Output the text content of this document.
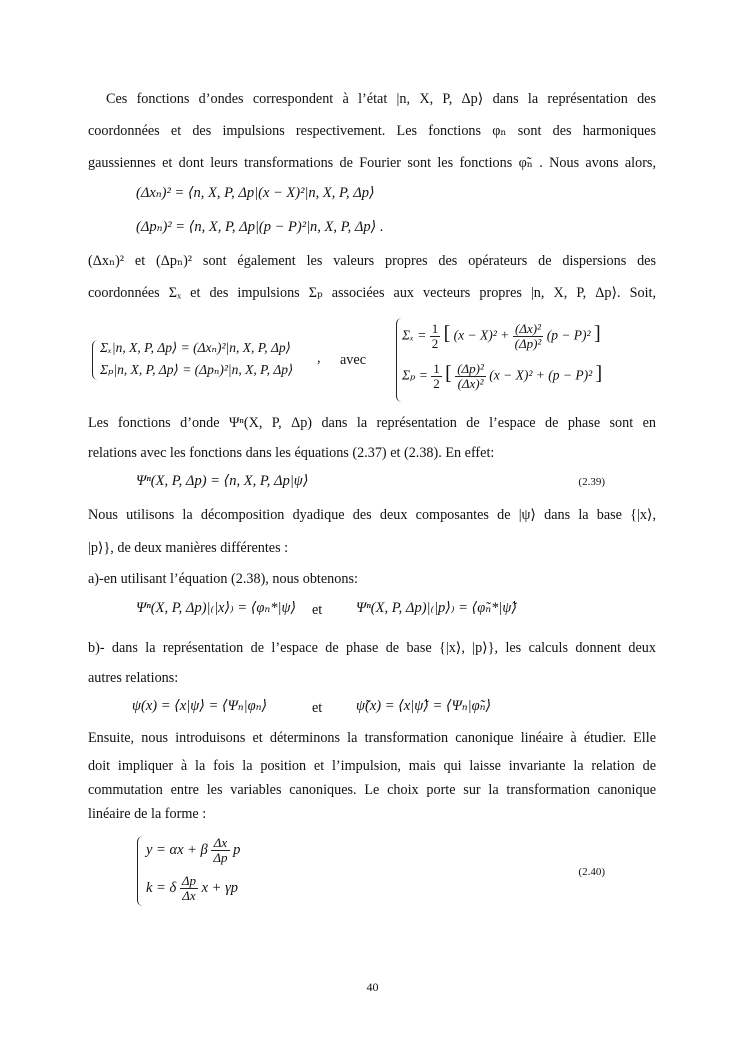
Ces fonctions d’ondes correspondent à l’état |n, X, P, Δp⟩ dans la représentation des
coordonnées et des impulsions respectivement. Les fonctions φₙ sont des harmoniques
gaussiennes et dont leurs transformations de Fourier sont les fonctions φ̃ₙ . Nous avons alors,
(Δxₙ)² = ⟨n, X, P, Δp|(x − X)²|n, X, P, Δp⟩
(Δpₙ)² = ⟨n, X, P, Δp|(p − P)²|n, X, P, Δp⟩ .
(Δxₙ)² et (Δpₙ)² sont également les valeurs propres des opérateurs de dispersions des
coordonnées Σₓ et des impulsions Σₚ associées aux vecteurs propres |n, X, P, Δp⟩. Soit,
Σₓ|n, X, P, Δp⟩ = (Δxₙ)²|n, X, P, Δp⟩
Σₚ|n, X, P, Δp⟩ = (Δpₙ)²|n, X, P, Δp⟩
, avec
$\Sigma_x = \frac{1}{2}$ [ $(x - X)^2 + \frac{\text{(Δx)²}}{\text{(Δp)²}} (p - P)^2$ ]
$\Sigma_p = \frac{1}{2}$ [ $\frac{\text{(Δp)²}}{\text{(Δx)²}} (x - X)^2 + (p - P)^2$ ]
Les fonctions d’onde Ψⁿ(X, P, Δp) dans la représentation de l’espace de phase sont en
relations avec les fonctions dans les équations (2.37) et (2.38). En effet:
Ψⁿ(X, P, Δp) = ⟨n, X, P, Δp|ψ⟩	(2.39)
Nous utilisons la décomposition dyadique des deux composantes de |ψ⟩ dans la base {|x⟩,
|p⟩}, de deux manières différentes :
a)-en utilisant l’équation (2.38), nous obtenons:
Ψⁿ(X, P, Δp)|₍|x⟩₎ = ⟨φₙ*|ψ⟩ et Ψⁿ(X, P, Δp)|₍|p⟩₎ = ⟨φ̃ₙ*|ψ̃⟩
b)- dans la représentation de l’espace de phase de base {|x⟩, |p⟩}, les calculs donnent deux
autres relations:
ψ(x) = ⟨x|ψ⟩ = ⟨Ψₙ|φₙ⟩	et ψ̃(x) = ⟨x|ψ̃⟩ = ⟨Ψₙ|φ̃ₙ⟩
Ensuite, nous introduisons et déterminons la transformation canonique linéaire à étudier. Elle
doit impliquer à la fois la position et l’impulsion, mais qui laisse invariante la relation de
commutation entre les variables canoniques. Le choix porte sur la transformation canonique
linéaire de la forme :
y = αx + β $\frac{\Delta x}{\Delta p}$ p
k = δ $\frac{\Delta p}{\Delta x}$ x + γp
(2.40)
40
